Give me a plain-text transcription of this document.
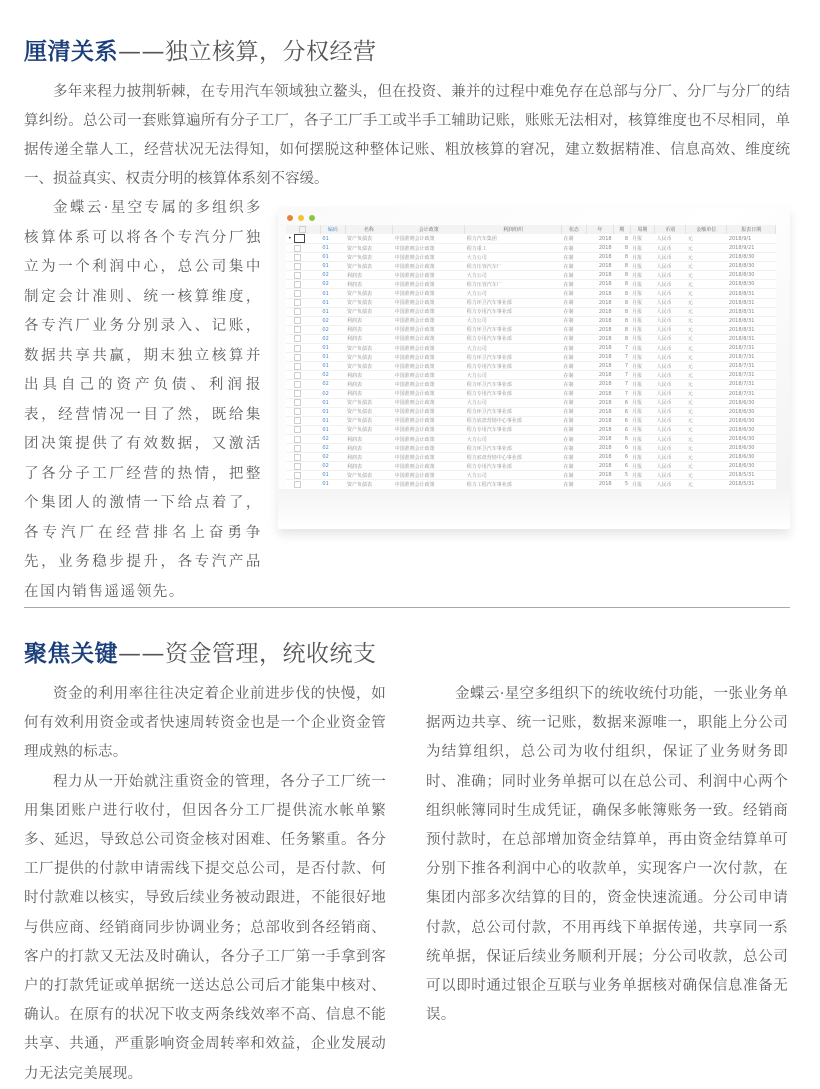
厘清关系——独立核算，分权经营

多年来程力披荆斩棘，在专用汽车领域独立鳌头，但在投资、兼并的过程中难免存在总部与分厂、分厂与分厂的结算纠纷。总公司一套账算遍所有分子工厂，各子工厂手工或半手工辅助记账，账账无法相对，核算维度也不尽相同，单据传递全靠人工，经营状况无法得知，如何摆脱这种整体记账、粗放核算的窘况，建立数据精准、信息高效、维度统一、损益真实、权责分明的核算体系刻不容缓。

金蝶云·星空专属的多组织多核算体系可以将各个专汽分厂独立为一个利润中心，总公司集中制定会计准则、统一核算维度，各专汽厂业务分别录入、记账，数据共享共赢，期末独立核算并出具自己的资产负债、利润报表，经营情况一目了然，既给集团决策提供了有效数据，又激活了各分子工厂经营的热情，把整个集团人的激情一下给点着了，各专汽厂在经营排名上奋勇争先，业务稳步提升，各专汽产品在国内销售遥遥领先。

	编码	名称	会计政策	利润组织	状态	年	期	周期	币别	金额单位	报表日期
•	01	资产负债表	中国准则会计政策	程力汽车集团	在制	2018	8	月报	人民币	元	2018/9/1
	01	资产负债表	中国准则会计政策	程力重工	在制	2018	8	月报	人民币	元	2018/9/21
	01	资产负债表	中国准则会计政策	大力公司	在制	2018	8	月报	人民币	元	2018/8/30
	01	资产负债表	中国准则会计政策	程力压容汽车厂	在制	2018	8	月报	人民币	元	2018/8/30
	02	利润表	中国准则会计政策	大力公司	在制	2018	8	月报	人民币	元	2018/8/30
	02	利润表	中国准则会计政策	程力压容汽车厂	在制	2018	8	月报	人民币	元	2018/8/30
	01	资产负债表	中国准则会计政策	大力公司	在制	2018	8	月报	人民币	元	2018/8/31
	01	资产负债表	中国准则会计政策	程力环卫汽车事业部	在制	2018	8	月报	人民币	元	2018/8/31
	01	资产负债表	中国准则会计政策	程力专用汽车事业部	在制	2018	8	月报	人民币	元	2018/8/31
	02	利润表	中国准则会计政策	大力公司	在制	2018	8	月报	人民币	元	2018/8/31
	02	利润表	中国准则会计政策	程力环卫汽车事业部	在制	2018	8	月报	人民币	元	2018/8/31
	02	利润表	中国准则会计政策	程力专用汽车事业部	在制	2018	8	月报	人民币	元	2018/8/31
	01	资产负债表	中国准则会计政策	大力公司	在制	2018	7	月报	人民币	元	2018/7/31
	01	资产负债表	中国准则会计政策	程力环卫汽车事业部	在制	2018	7	月报	人民币	元	2018/7/31
	01	资产负债表	中国准则会计政策	程力专用汽车事业部	在制	2018	7	月报	人民币	元	2018/7/31
	02	利润表	中国准则会计政策	大力公司	在制	2018	7	月报	人民币	元	2018/7/31
	02	利润表	中国准则会计政策	程力环卫汽车事业部	在制	2018	7	月报	人民币	元	2018/7/31
	02	利润表	中国准则会计政策	程力专用汽车事业部	在制	2018	7	月报	人民币	元	2018/7/31
	01	资产负债表	中国准则会计政策	大力公司	在制	2018	6	月报	人民币	元	2018/6/30
	01	资产负债表	中国准则会计政策	程力环卫汽车事业部	在制	2018	6	月报	人民币	元	2018/6/30
	01	资产负债表	中国准则会计政策	程力底盘营销中心事业部	在制	2018	6	月报	人民币	元	2018/6/30
	01	资产负债表	中国准则会计政策	程力专用汽车事业部	在制	2018	6	月报	人民币	元	2018/6/30
	02	利润表	中国准则会计政策	大力公司	在制	2018	6	月报	人民币	元	2018/6/30
	02	利润表	中国准则会计政策	程力环卫汽车事业部	在制	2018	6	月报	人民币	元	2018/6/30
	02	利润表	中国准则会计政策	程力底盘营销中心事业部	在制	2018	6	月报	人民币	元	2018/6/30
	02	利润表	中国准则会计政策	程力专用汽车事业部	在制	2018	6	月报	人民币	元	2018/6/30
	01	资产负债表	中国准则会计政策	大力公司	在制	2018	5	月报	人民币	元	2018/5/31
	01	资产负债表	中国准则会计政策	程力工程汽车事业部	在制	2018	5	月报	人民币	元	2018/5/31

聚焦关键——资金管理，统收统支

资金的利用率往往决定着企业前进步伐的快慢，如何有效利用资金或者快速周转资金也是一个企业资金管理成熟的标志。

程力从一开始就注重资金的管理，各分子工厂统一用集团账户进行收付，但因各分工厂提供流水帐单繁多、延迟，导致总公司资金核对困难、任务繁重。各分工厂提供的付款申请需线下提交总公司，是否付款、何时付款难以核实，导致后续业务被动跟进，不能很好地与供应商、经销商同步协调业务；总部收到各经销商、客户的打款又无法及时确认，各分子工厂第一手拿到客户的打款凭证或单据统一送达总公司后才能集中核对、确认。在原有的状况下收支两条线效率不高、信息不能共享、共通，严重影响资金周转率和效益，企业发展动力无法完美展现。

金蝶云·星空多组织下的统收统付功能，一张业务单据两边共享、统一记账，数据来源唯一，职能上分公司为结算组织，总公司为收付组织，保证了业务财务即时、准确；同时业务单据可以在总公司、利润中心两个组织帐簿同时生成凭证，确保多帐簿账务一致。经销商预付款时，在总部增加资金结算单，再由资金结算单可分别下推各利润中心的收款单，实现客户一次付款，在集团内部多次结算的目的，资金快速流通。分公司申请付款，总公司付款，不用再线下单据传递，共享同一系统单据，保证后续业务顺利开展；分公司收款，总公司可以即时通过银企互联与业务单据核对确保信息准备无误。
